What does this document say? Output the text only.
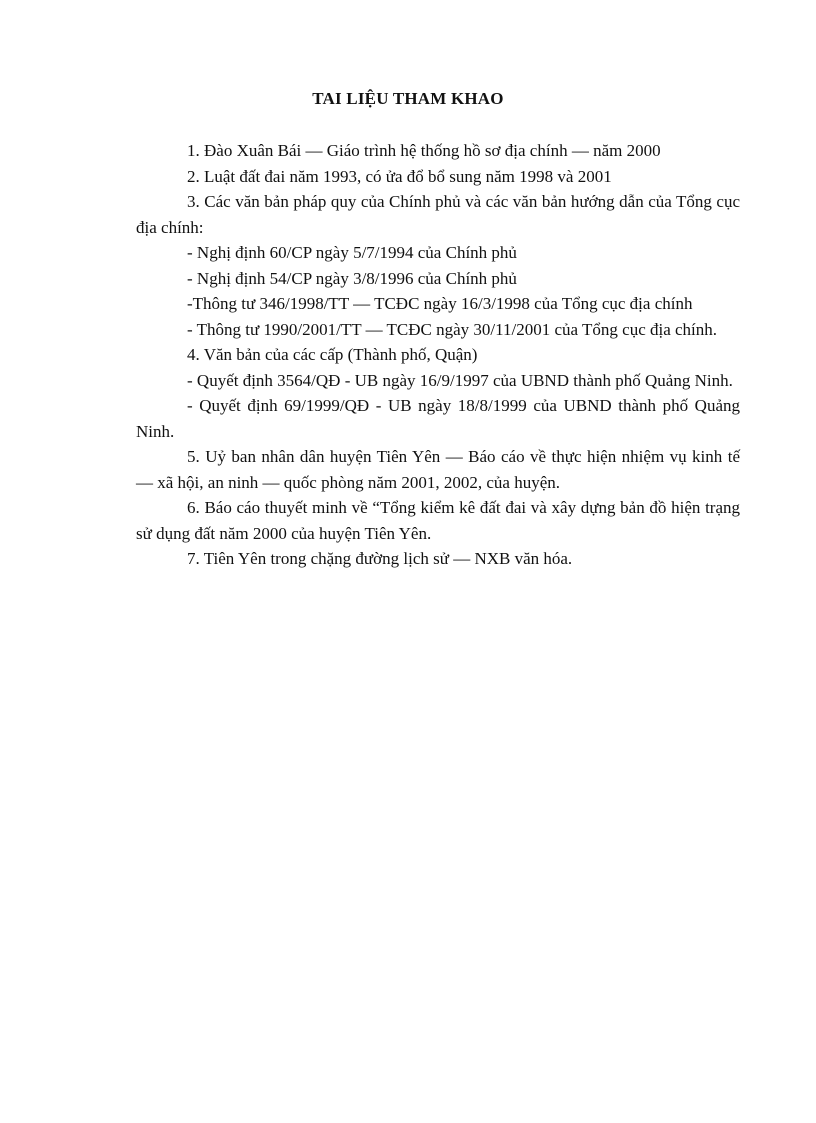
TAI LIỆU THAM KHAO

1. Đào Xuân Bái — Giáo trình hệ thống hồ sơ địa chính — năm 2000

2. Luật đất đai năm 1993, có ửa đổ bổ sung năm 1998 và 2001

3. Các văn bản pháp quy của Chính phủ và các văn bản hướng dẫn của Tổng cục địa chính:

- Nghị định 60/CP ngày 5/7/1994 của Chính phủ

- Nghị định 54/CP ngày 3/8/1996 của Chính phủ

-Thông tư 346/1998/TT — TCĐC ngày 16/3/1998 của Tổng cục địa chính

- Thông tư 1990/2001/TT — TCĐC ngày 30/11/2001 của Tổng cục địa chính.

4. Văn bản của các cấp (Thành phố, Quận)

- Quyết định 3564/QĐ - UB ngày 16/9/1997 của UBND thành phố Quảng Ninh.

- Quyết định 69/1999/QĐ - UB ngày 18/8/1999 của UBND thành phố Quảng Ninh.

5. Uỷ ban nhân dân huyện Tiên Yên — Báo cáo về thực hiện nhiệm vụ kinh tế — xã hội, an ninh — quốc phòng năm 2001, 2002, của huyện.

6. Báo cáo thuyết minh về “Tổng kiểm kê đất đai và xây dựng bản đồ hiện trạng sử dụng đất năm 2000 của huyện Tiên Yên.

7. Tiên Yên trong chặng đường lịch sử — NXB văn hóa.
